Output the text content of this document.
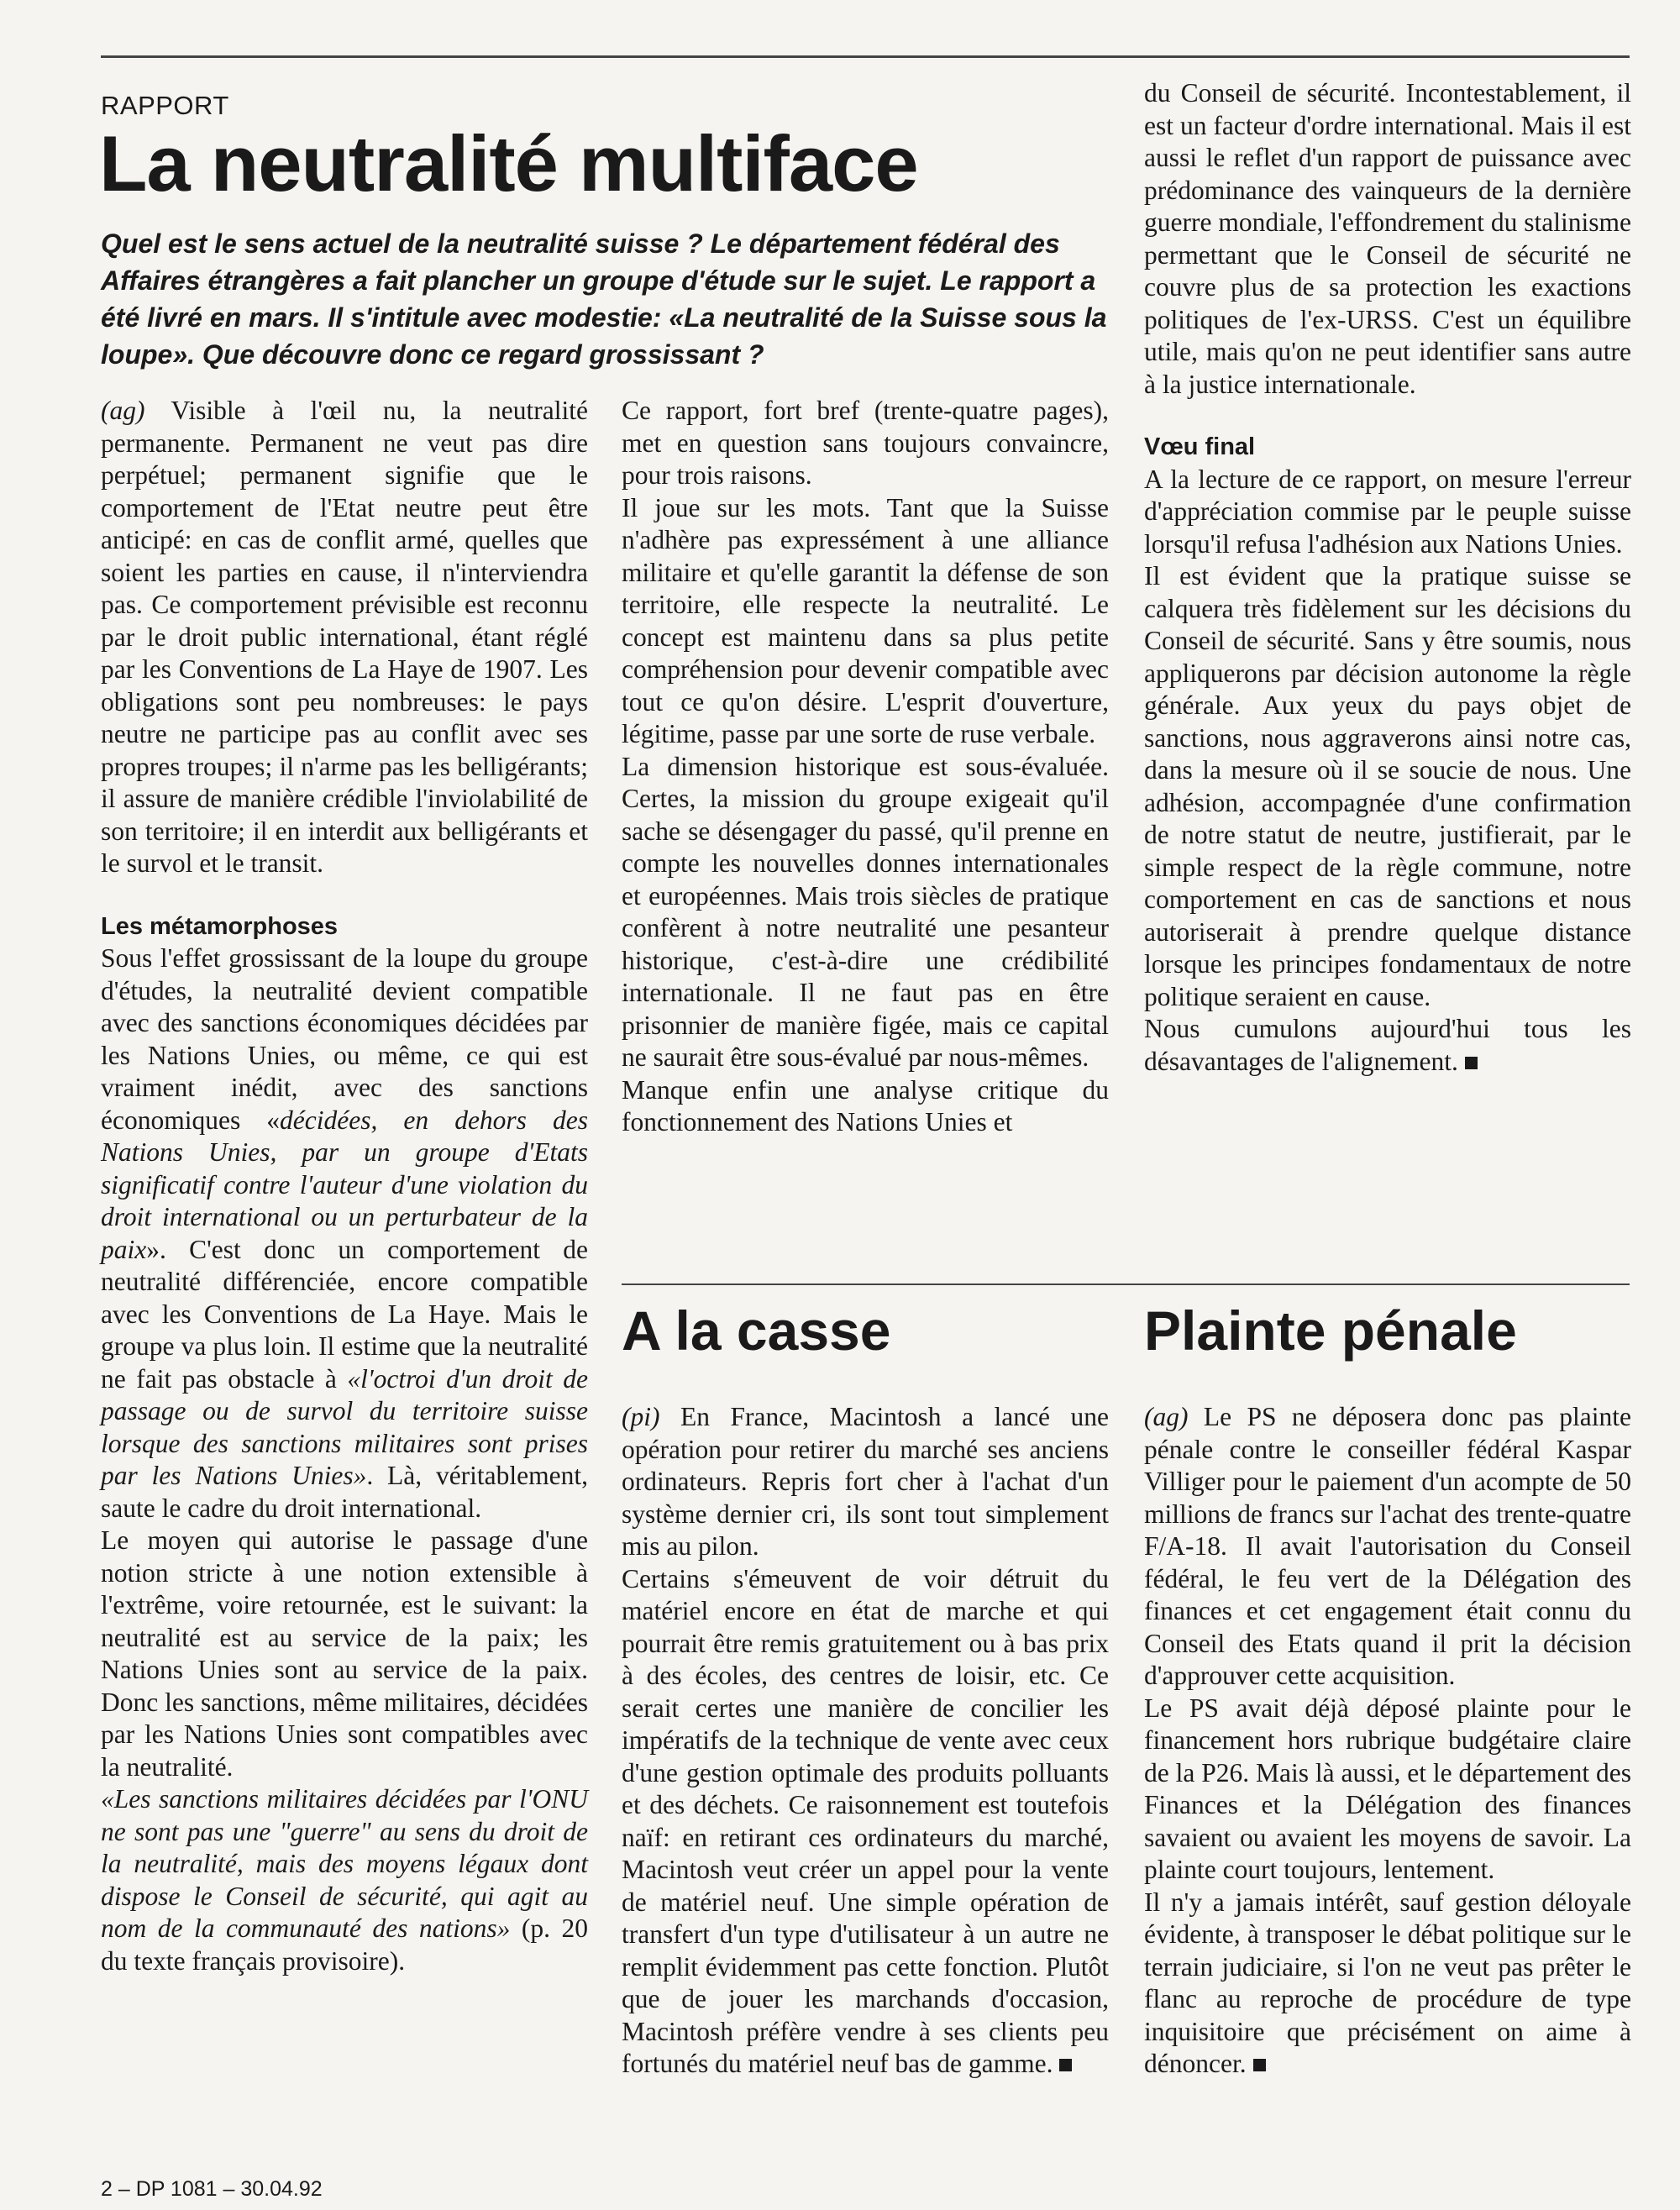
RAPPORT
La neutralité multiface

Quel est le sens actuel de la neutralité suisse ? Le département fédéral des Affaires étrangères a fait plancher un groupe d'étude sur le sujet. Le rapport a été livré en mars. Il s'intitule avec modestie: «La neutralité de la Suisse sous la loupe». Que découvre donc ce regard grossissant ?

(ag) Visible à l'œil nu, la neutralité permanente. Permanent ne veut pas dire perpétuel; permanent signifie que le comportement de l'Etat neutre peut être anticipé: en cas de conflit armé, quelles que soient les parties en cause, il n'interviendra pas. Ce comportement prévisible est reconnu par le droit public international, étant réglé par les Conventions de La Haye de 1907. Les obligations sont peu nombreuses: le pays neutre ne participe pas au conflit avec ses propres troupes; il n'arme pas les belligérants; il assure de manière crédible l'inviolabilité de son territoire; il en interdit aux belligérants et le survol et le transit.

Les métamorphoses

Sous l'effet grossissant de la loupe du groupe d'études, la neutralité devient compatible avec des sanctions économiques décidées par les Nations Unies, ou même, ce qui est vraiment inédit, avec des sanctions économiques «décidées, en dehors des Nations Unies, par un groupe d'Etats significatif contre l'auteur d'une violation du droit international ou un perturbateur de la paix». C'est donc un comportement de neutralité différenciée, encore compatible avec les Conventions de La Haye. Mais le groupe va plus loin. Il estime que la neutralité ne fait pas obstacle à «l'octroi d'un droit de passage ou de survol du territoire suisse lorsque des sanctions militaires sont prises par les Nations Unies». Là, véritablement, saute le cadre du droit international.

Le moyen qui autorise le passage d'une notion stricte à une notion extensible à l'extrême, voire retournée, est le suivant: la neutralité est au service de la paix; les Nations Unies sont au service de la paix. Donc les sanctions, même militaires, décidées par les Nations Unies sont compatibles avec la neutralité.

«Les sanctions militaires décidées par l'ONU ne sont pas une "guerre" au sens du droit de la neutralité, mais des moyens légaux dont dispose le Conseil de sécurité, qui agit au nom de la communauté des nations» (p. 20 du texte français provisoire).

Ce rapport, fort bref (trente-quatre pages), met en question sans toujours convaincre, pour trois raisons.

Il joue sur les mots. Tant que la Suisse n'adhère pas expressément à une alliance militaire et qu'elle garantit la défense de son territoire, elle respecte la neutralité. Le concept est maintenu dans sa plus petite compréhension pour devenir compatible avec tout ce qu'on désire. L'esprit d'ouverture, légitime, passe par une sorte de ruse verbale.

La dimension historique est sous-évaluée. Certes, la mission du groupe exigeait qu'il sache se désengager du passé, qu'il prenne en compte les nouvelles donnes internationales et européennes. Mais trois siècles de pratique confèrent à notre neutralité une pesanteur historique, c'est-à-dire une crédibilité internationale. Il ne faut pas en être prisonnier de manière figée, mais ce capital ne saurait être sous-évalué par nous-mêmes.

Manque enfin une analyse critique du fonctionnement des Nations Unies et

du Conseil de sécurité. Incontestablement, il est un facteur d'ordre international. Mais il est aussi le reflet d'un rapport de puissance avec prédominance des vainqueurs de la dernière guerre mondiale, l'effondrement du stalinisme permettant que le Conseil de sécurité ne couvre plus de sa protection les exactions politiques de l'ex-URSS. C'est un équilibre utile, mais qu'on ne peut identifier sans autre à la justice internationale.

Vœu final

A la lecture de ce rapport, on mesure l'erreur d'appréciation commise par le peuple suisse lorsqu'il refusa l'adhésion aux Nations Unies.

Il est évident que la pratique suisse se calquera très fidèlement sur les décisions du Conseil de sécurité. Sans y être soumis, nous appliquerons par décision autonome la règle générale. Aux yeux du pays objet de sanctions, nous aggraverons ainsi notre cas, dans la mesure où il se soucie de nous. Une adhésion, accompagnée d'une confirmation de notre statut de neutre, justifierait, par le simple respect de la règle commune, notre comportement en cas de sanctions et nous autoriserait à prendre quelque distance lorsque les principes fondamentaux de notre politique seraient en cause.

Nous cumulons aujourd'hui tous les désavantages de l'alignement.

A la casse

(pi) En France, Macintosh a lancé une opération pour retirer du marché ses anciens ordinateurs. Repris fort cher à l'achat d'un système dernier cri, ils sont tout simplement mis au pilon.

Certains s'émeuvent de voir détruit du matériel encore en état de marche et qui pourrait être remis gratuitement ou à bas prix à des écoles, des centres de loisir, etc. Ce serait certes une manière de concilier les impératifs de la technique de vente avec ceux d'une gestion optimale des produits polluants et des déchets. Ce raisonnement est toutefois naïf: en retirant ces ordinateurs du marché, Macintosh veut créer un appel pour la vente de matériel neuf. Une simple opération de transfert d'un type d'utilisateur à un autre ne remplit évidemment pas cette fonction. Plutôt que de jouer les marchands d'occasion, Macintosh préfère vendre à ses clients peu fortunés du matériel neuf bas de gamme.

Plainte pénale

(ag) Le PS ne déposera donc pas plainte pénale contre le conseiller fédéral Kaspar Villiger pour le paiement d'un acompte de 50 millions de francs sur l'achat des trente-quatre F/A-18. Il avait l'autorisation du Conseil fédéral, le feu vert de la Délégation des finances et cet engagement était connu du Conseil des Etats quand il prit la décision d'approuver cette acquisition.

Le PS avait déjà déposé plainte pour le financement hors rubrique budgétaire claire de la P26. Mais là aussi, et le département des Finances et la Délégation des finances savaient ou avaient les moyens de savoir. La plainte court toujours, lentement.

Il n'y a jamais intérêt, sauf gestion déloyale évidente, à transposer le débat politique sur le terrain judiciaire, si l'on ne veut pas prêter le flanc au reproche de procédure de type inquisitoire que précisément on aime à dénoncer.

2 – DP 1081 – 30.04.92
